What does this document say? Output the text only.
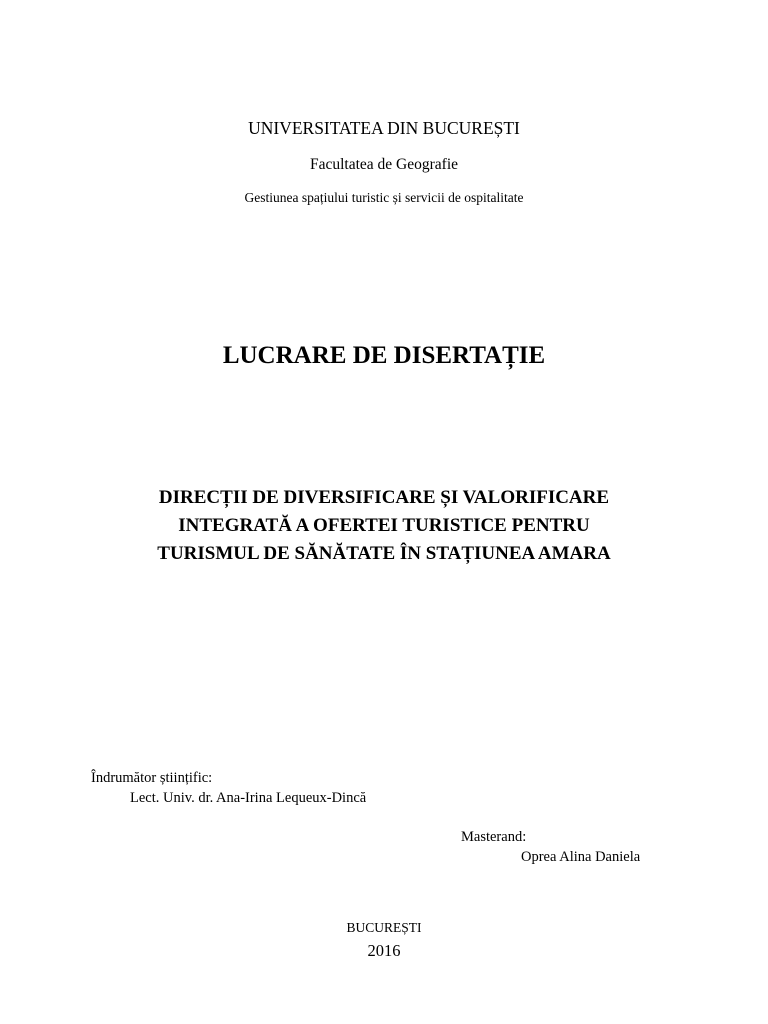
UNIVERSITATEA DIN BUCUREȘTI
Facultatea de Geografie
Gestiunea spațiului turistic și servicii de ospitalitate
LUCRARE DE DISERTAȚIE
DIRECȚII DE DIVERSIFICARE ȘI VALORIFICARE
INTEGRATĂ A OFERTEI TURISTICE PENTRU
TURISMUL DE SĂNĂTATE ÎN STAȚIUNEA AMARA
Îndrumător științific:
Lect. Univ. dr. Ana-Irina Lequeux-Dincă
Masterand:
Oprea Alina Daniela
BUCUREȘTI
2016
